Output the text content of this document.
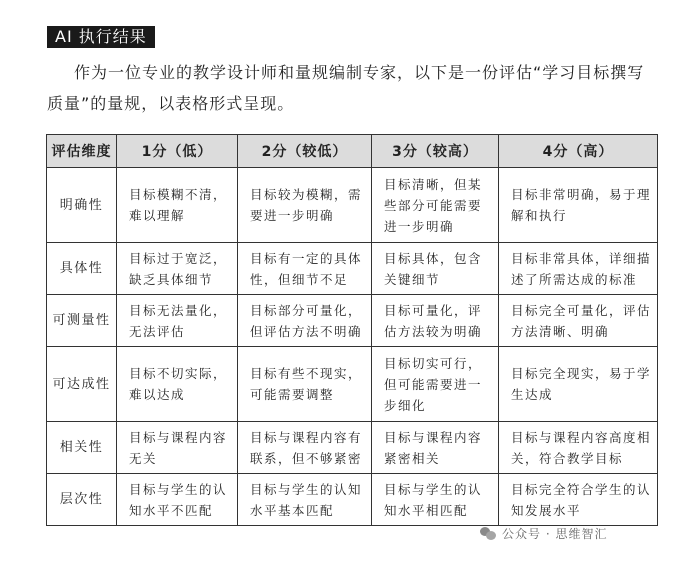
AI 执行结果

作为一位专业的教学设计师和量规编制专家，以下是一份评估“学习目标撰写质量”的量规，以表格形式呈现。

评估维度	1分（低）	2分（较低）	3分（较高）	4分（高）
明确性	目标模糊不清，难以理解	目标较为模糊，需要进一步明确	目标清晰，但某些部分可能需要进一步明确	目标非常明确，易于理解和执行
具体性	目标过于宽泛，缺乏具体细节	目标有一定的具体性，但细节不足	目标具体，包含关键细节	目标非常具体，详细描述了所需达成的标准
可测量性	目标无法量化，无法评估	目标部分可量化，但评估方法不明确	目标可量化，评估方法较为明确	目标完全可量化，评估方法清晰、明确
可达成性	目标不切实际，难以达成	目标有些不现实，可能需要调整	目标切实可行，但可能需要进一步细化	目标完全现实，易于学生达成
相关性	目标与课程内容无关	目标与课程内容有联系，但不够紧密	目标与课程内容紧密相关	目标与课程内容高度相关，符合教学目标
层次性	目标与学生的认知水平不匹配	目标与学生的认知水平基本匹配	目标与学生的认知水平相匹配	目标完全符合学生的认知发展水平
公众号 · 思维智汇
